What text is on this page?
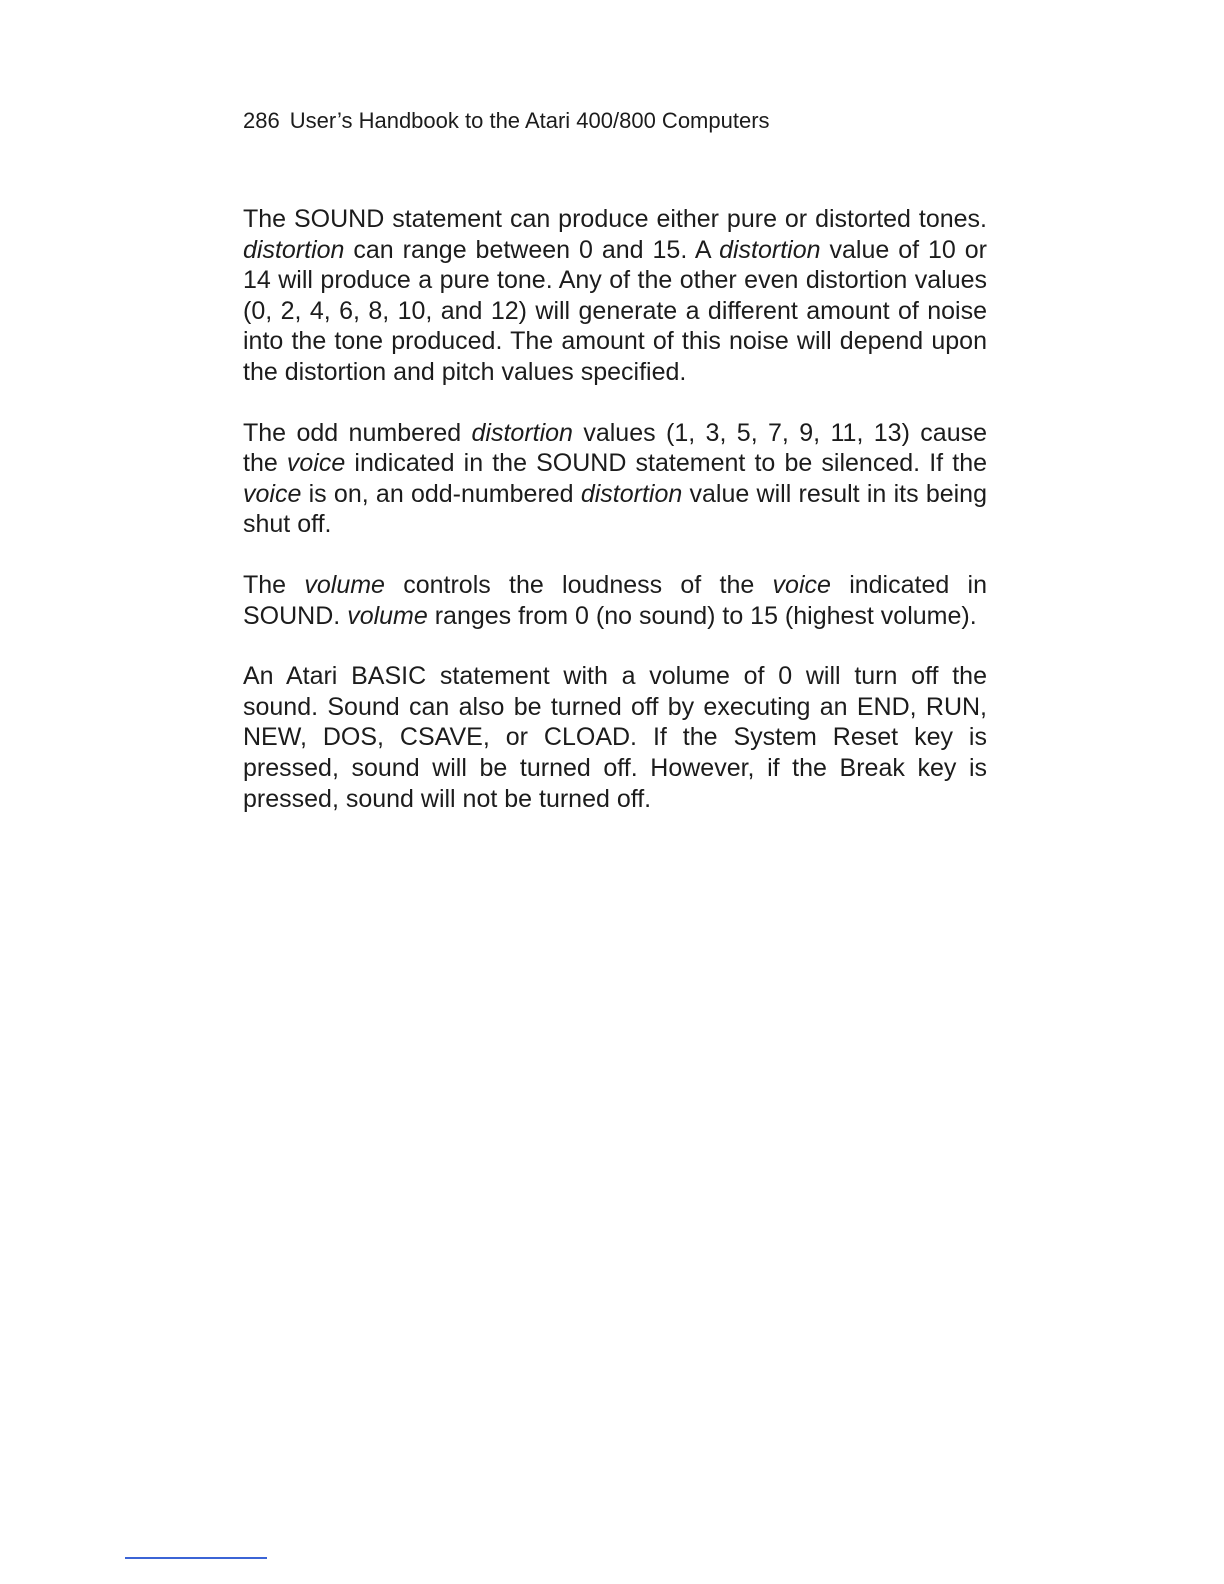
286 User’s Handbook to the Atari 400/800 Computers

The SOUND statement can produce either pure or distorted tones. distortion can range between 0 and 15. A distortion value of 10 or 14 will produce a pure tone. Any of the other even distortion values (0, 2, 4, 6, 8, 10, and 12) will generate a different amount of noise into the tone produced. The amount of this noise will depend upon the distortion and pitch values specified.

The odd numbered distortion values (1, 3, 5, 7, 9, 11, 13) cause the voice indicated in the SOUND statement to be silenced. If the voice is on, an odd-numbered distortion value will result in its being shut off.

The volume controls the loudness of the voice indicated in SOUND. volume ranges from 0 (no sound) to 15 (highest volume).

An Atari BASIC statement with a volume of 0 will turn off the sound. Sound can also be turned off by executing an END, RUN, NEW, DOS, CSAVE, or CLOAD. If the System Reset key is pressed, sound will be turned off. However, if the Break key is pressed, sound will not be turned off.
